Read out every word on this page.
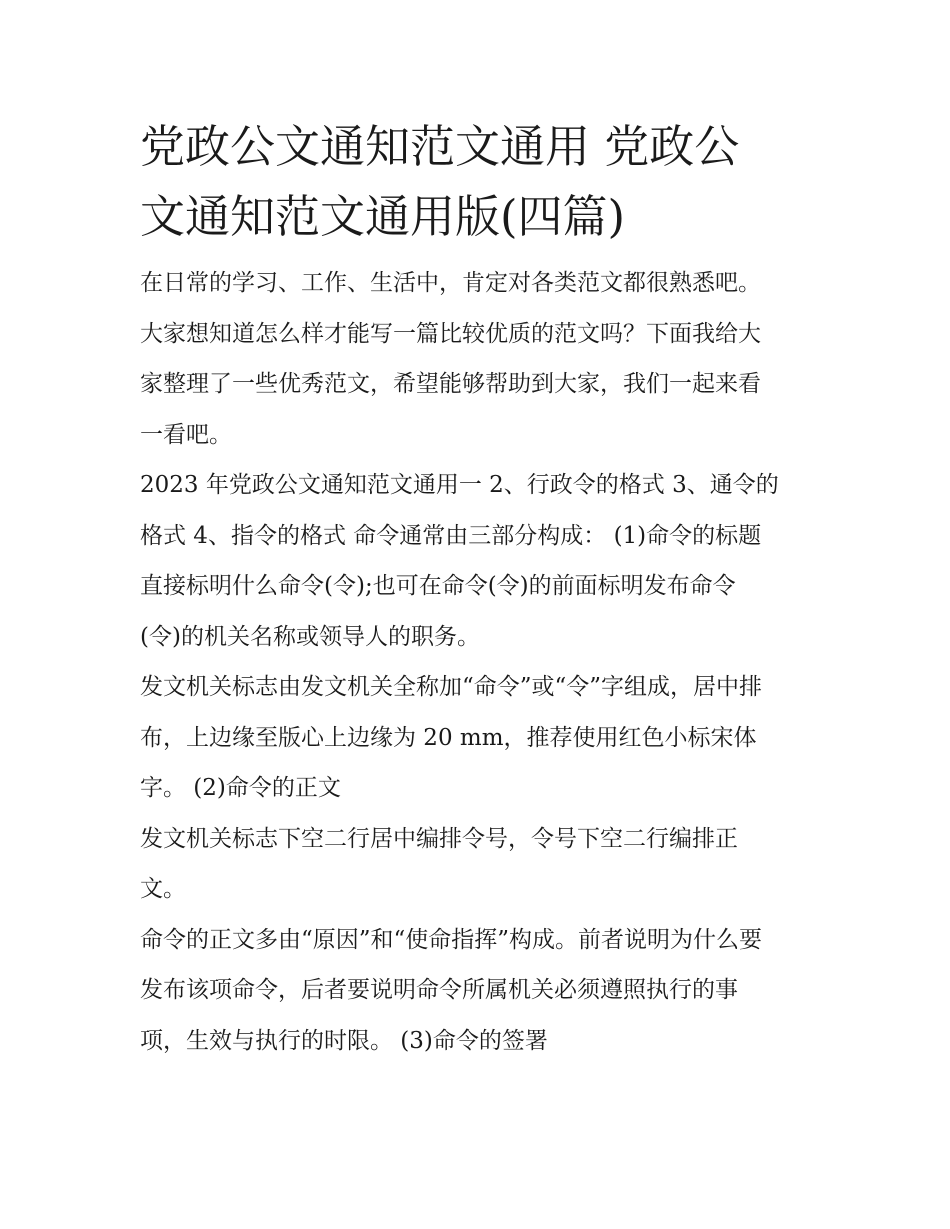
党政公文通知范文通用 党政公
文通知范文通用版(四篇)

在日常的学习、工作、生活中，肯定对各类范文都很熟悉吧。
大家想知道怎么样才能写一篇比较优质的范文吗？下面我给大
家整理了一些优秀范文，希望能够帮助到大家，我们一起来看
一看吧。

2023 年党政公文通知范文通用一 2、行政令的格式 3、通令的
格式 4、指令的格式 命令通常由三部分构成： (1)命令的标题
直接标明什么命令(令);也可在命令(令)的前面标明发布命令
(令)的机关名称或领导人的职务。

发文机关标志由发文机关全称加“命令”或“令”字组成，居中排
布，上边缘至版心上边缘为 20 mm，推荐使用红色小标宋体
字。 (2)命令的正文

发文机关标志下空二行居中编排令号，令号下空二行编排正
文。

命令的正文多由“原因”和“使命指挥”构成。前者说明为什么要
发布该项命令，后者要说明命令所属机关必须遵照执行的事
项，生效与执行的时限。 (3)命令的签署
